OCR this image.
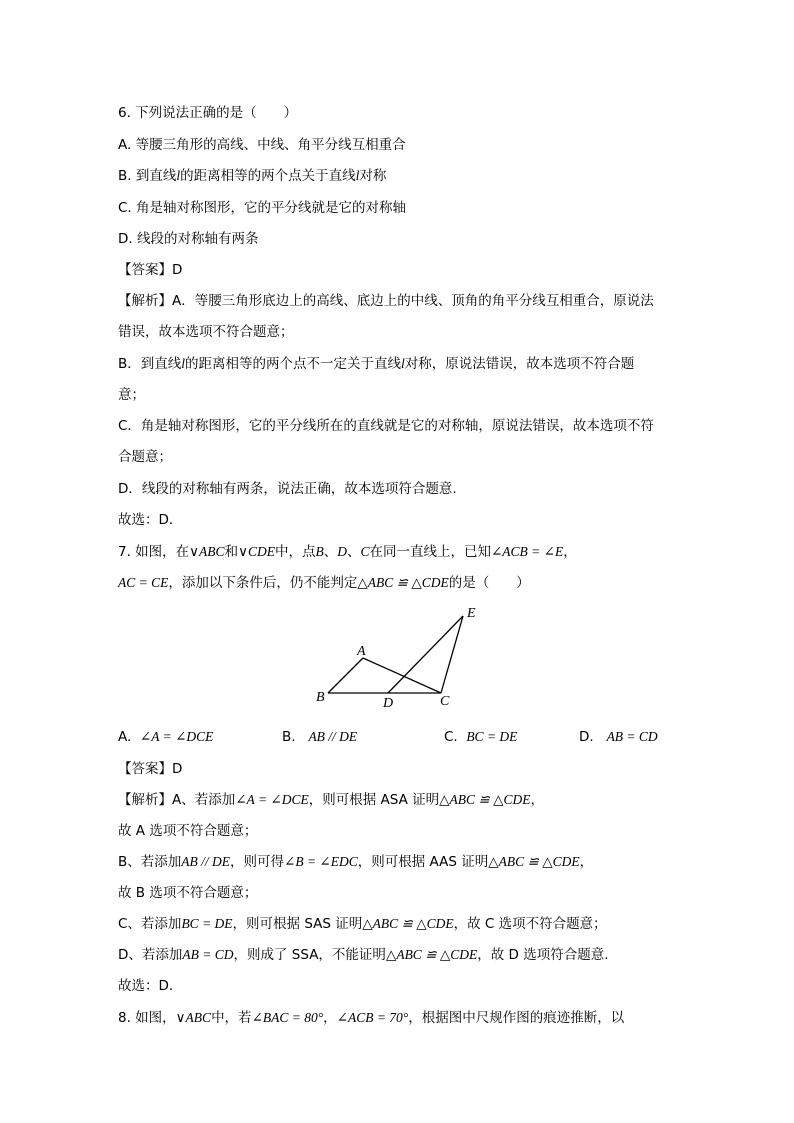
6. 下列说法正确的是（　　）
A. 等腰三角形的高线、中线、角平分线互相重合
B. 到直线l的距离相等的两个点关于直线l对称
C. 角是轴对称图形，它的平分线就是它的对称轴
D. 线段的对称轴有两条
【答案】D
【解析】A．等腰三角形底边上的高线、底边上的中线、顶角的角平分线互相重合，原说法
错误，故本选项不符合题意；
B．到直线l的距离相等的两个点不一定关于直线l对称，原说法错误，故本选项不符合题
意；
C．角是轴对称图形，它的平分线所在的直线就是它的对称轴，原说法错误，故本选项不符
合题意；
D．线段的对称轴有两条，说法正确，故本选项符合题意.
故选：D．
7. 如图，在∨ABC和∨CDE中，点B、D、C在同一直线上，已知∠ACB = ∠E，
AC = CE，添加以下条件后，仍不能判定△ABC ≌ △CDE的是（　　）
A
B	C
D
E
A. ∠A = ∠DCE	B. AB // DE	C. BC = DE	D. AB = CD
【答案】D
【解析】A、若添加∠A = ∠DCE，则可根据 ASA 证明△ABC ≌ △CDE，
故 A 选项不符合题意；
B、若添加AB // DE，则可得∠B = ∠EDC，则可根据 AAS 证明△ABC ≌ △CDE，
故 B 选项不符合题意；
C、若添加BC = DE，则可根据 SAS 证明△ABC ≌ △CDE，故 C 选项不符合题意；
D、若添加AB = CD，则成了 SSA，不能证明△ABC ≌ △CDE，故 D 选项符合题意.
故选：D.
8. 如图，∨ABC中，若∠BAC = 80°，∠ACB = 70°，根据图中尺规作图的痕迹推断，以
